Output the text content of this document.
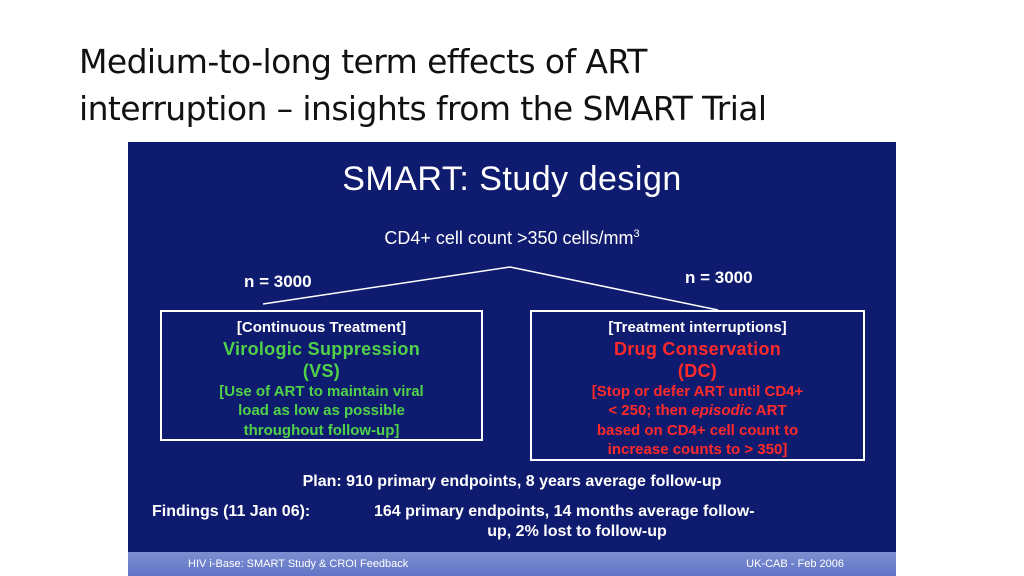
Medium-to-long term effects of ART
interruption – insights from the SMART Trial
SMART: Study design
CD4+ cell count >350 cells/$mm^3$
n = 3000	n = 3000
[Continuous Treatment]
Virologic Suppression
(VS)
[Use of ART to maintain viral
load as low as possible
throughout follow-up]
[Treatment interruptions]
Drug Conservation
(DC)
[Stop or defer ART until CD4+
< 250; then episodic ART
based on CD4+ cell count to
increase counts to > 350]
Plan: 910 primary endpoints, 8 years average follow-up
Findings (11 Jan 06):	164 primary endpoints, 14 months average follow-
up, 2% lost to follow-up
HIV i-Base: SMART Study & CROI Feedback	UK-CAB - Feb 2006
